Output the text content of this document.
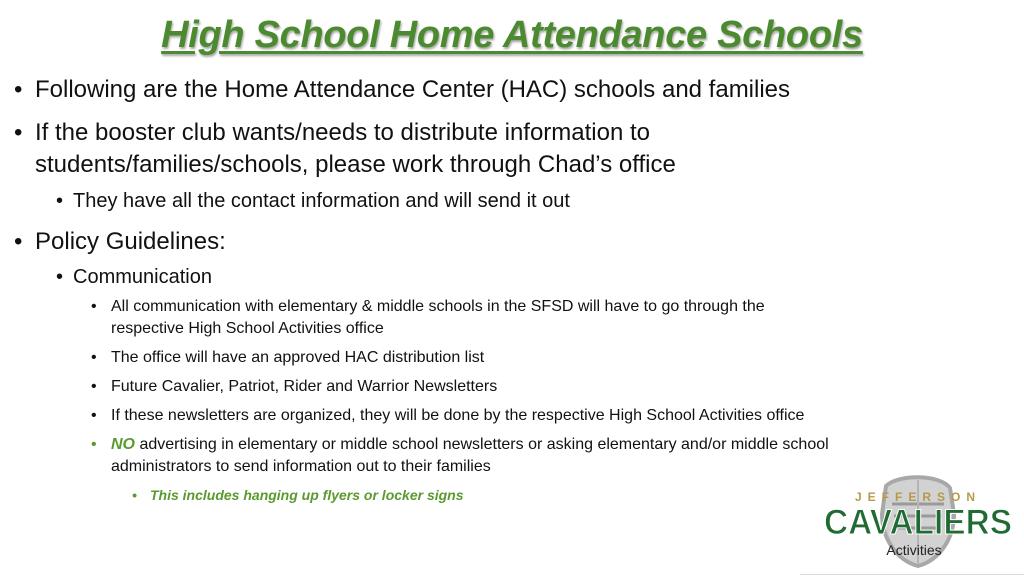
High School Home Attendance Schools
• Following are the Home Attendance Center (HAC) schools and families
• If the booster club wants/needs to distribute information to
students/families/schools, please work through Chad’s office
• They have all the contact information and will send it out
• Policy Guidelines:
• Communication
• All communication with elementary & middle schools in the SFSD will have to go through the
respective High School Activities office
• The office will have an approved HAC distribution list
• Future Cavalier, Patriot, Rider and Warrior Newsletters
• If these newsletters are organized, they will be done by the respective High School Activities office
• NO advertising in elementary or middle school newsletters or asking elementary and/or middle school
administrators to send information out to their families
• This includes hanging up flyers or locker signs	JEFFERSON
CAVALIERS
Activities
